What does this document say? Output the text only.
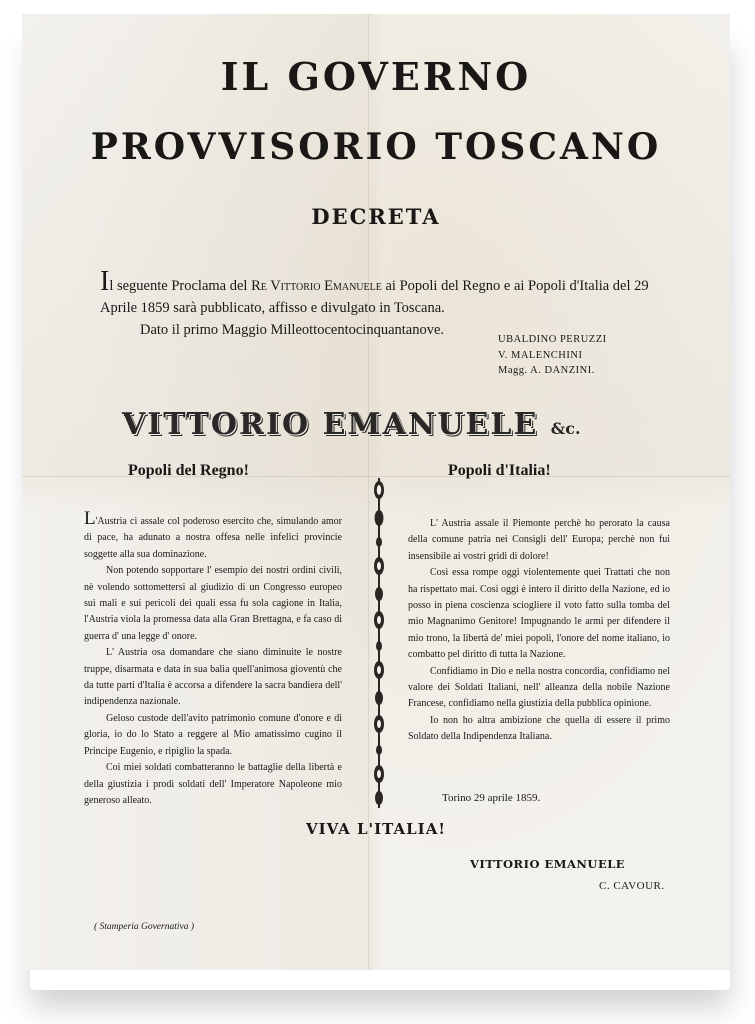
IL GOVERNO
PROVVISORIO TOSCANO
DECRETA
Il seguente Proclama del Re Vittorio Emanuele ai Popoli del Regno e ai Popoli d'Italia del 29 Aprile 1859 sarà pubblicato, affisso e divulgato in Toscana.
Dato il primo Maggio Milleottocentocinquantanove.
UBALDINO PERUZZI
V. MALENCHINI
Magg. A. DANZINI.
VITTORIO EMANUELE &c.
Popoli del Regno!	Popoli d'Italia!

L'Austria ci assale col poderoso esercito che, simulando amor di pace, ha adunato a nostra offesa nelle infelici provincie soggette alla sua dominazione.

Non potendo sopportare l' esempio dei nostri ordini civili, nè volendo sottomettersi al giudizio di un Congresso europeo sui mali e sui pericoli dei quali essa fu sola cagione in Italia, l'Austria viola la promessa data alla Gran Brettagna, e fa caso di guerra d' una legge d' onore.

L' Austria osa domandare che siano diminuite le nostre truppe, disarmata e data in sua balia quell'animosa gioventù che da tutte parti d'Italia è accorsa a difendere la sacra bandiera dell' indipendenza nazionale.

Geloso custode dell'avito patrimonio comune d'onore e di gloria, io do lo Stato a reggere al Mio amatissimo cugino il Principe Eugenio, e ripiglio la spada.

Coi miei soldati combatteranno le battaglie della libertà e della giustizia i prodi soldati dell' Imperatore Napoleone mio generoso alleato.

L' Austria assale il Piemonte perchè ho perorato la causa della comune patria nei Consigli dell' Europa; perchè non fui insensibile ai vostri gridi di dolore!

Così essa rompe oggi violentemente quei Trattati che non ha rispettato mai. Così oggi è intero il diritto della Nazione, ed io posso in piena coscienza sciogliere il voto fatto sulla tomba del mio Magnanimo Genitore! Impugnando le armi per difendere il mio trono, la libertà de' miei popoli, l'onore del nome italiano, io combatto pel diritto di tutta la Nazione.

Confidiamo in Dio e nella nostra concordia, confidiamo nel valore dei Soldati Italiani, nell' alleanza della nobile Nazione Francese, confidiamo nella giustizia della pubblica opinione.

Io non ho altra ambizione che quella di essere il primo Soldato della Indipendenza Italiana.

Torino 29 aprile 1859.
VIVA L'ITALIA!
VITTORIO EMANUELE
C. CAVOUR.
( Stamperia Governativa )
